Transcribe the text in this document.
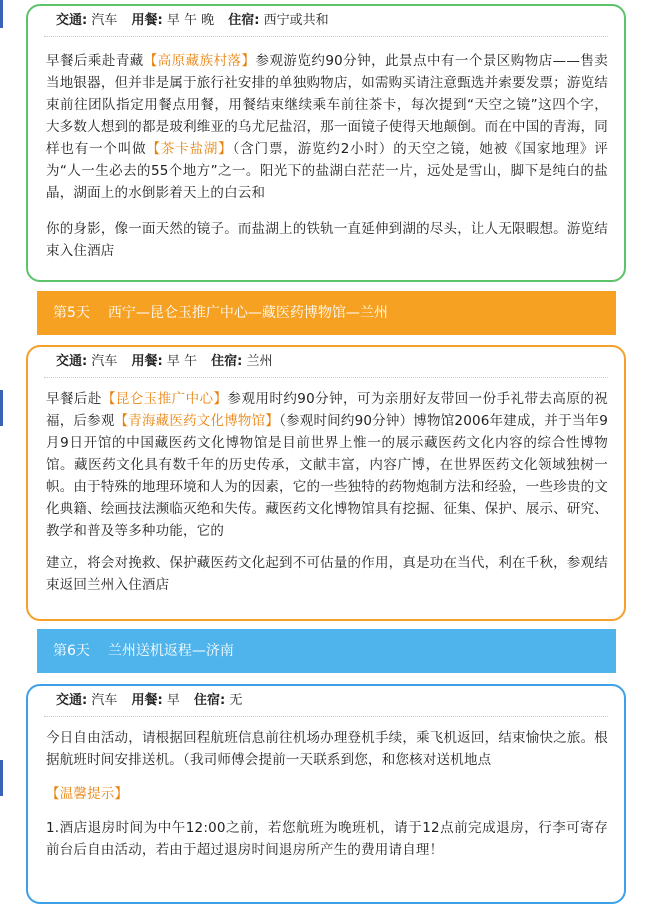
交通: 汽车 用餐: 早 午 晚 住宿: 西宁或共和
早餐后乘赴青藏【高原藏族村落】参观游览约90分钟，此景点中有一个景区购物店——售卖当地银器，但并非是属于旅行社安排的单独购物店，如需购买请注意甄选并索要发票；游览结束前往团队指定用餐点用餐，用餐结束继续乘车前往茶卡，每次提到“天空之镜”这四个字，大多数人想到的都是玻利维亚的乌尤尼盐沼，那一面镜子使得天地颠倒。而在中国的青海，同样也有一个叫做【茶卡盐湖】（含门票，游览约2小时）的天空之镜，她被《国家地理》评为“人一生必去的55个地方”之一。阳光下的盐湖白茫茫一片，远处是雪山，脚下是纯白的盐晶，湖面上的水倒影着天上的白云和
你的身影，像一面天然的镜子。而盐湖上的铁轨一直延伸到湖的尽头，让人无限暇想。游览结束入住酒店
第5天 西宁—昆仑玉推广中心—藏医药博物馆—兰州
交通: 汽车 用餐: 早 午 住宿: 兰州
早餐后赴【昆仑玉推广中心】参观用时约90分钟，可为亲朋好友带回一份手礼带去高原的祝福，后参观【青海藏医药文化博物馆】（参观时间约90分钟）博物馆2006年建成，并于当年9月9日开馆的中国藏医药文化博物馆是目前世界上惟一的展示藏医药文化内容的综合性博物馆。藏医药文化具有数千年的历史传承，文献丰富，内容广博，在世界医药文化领域独树一帜。由于特殊的地理环境和人为的因素，它的一些独特的药物炮制方法和经验，一些珍贵的文化典籍、绘画技法濒临灭绝和失传。藏医药文化博物馆具有挖掘、征集、保护、展示、研究、教学和普及等多种功能，它的
建立，将会对挽救、保护藏医药文化起到不可估量的作用，真是功在当代，利在千秋，参观结束返回兰州入住酒店
第6天 兰州送机返程—济南
交通: 汽车 用餐: 早 住宿: 无
今日自由活动，请根据回程航班信息前往机场办理登机手续，乘飞机返回，结束愉快之旅。根据航班时间安排送机。（我司师傅会提前一天联系到您，和您核对送机地点
【温馨提示】
1.酒店退房时间为中午12:00之前，若您航班为晚班机，请于12点前完成退房，行李可寄存前台后自由活动，若由于超过退房时间退房所产生的费用请自理！
